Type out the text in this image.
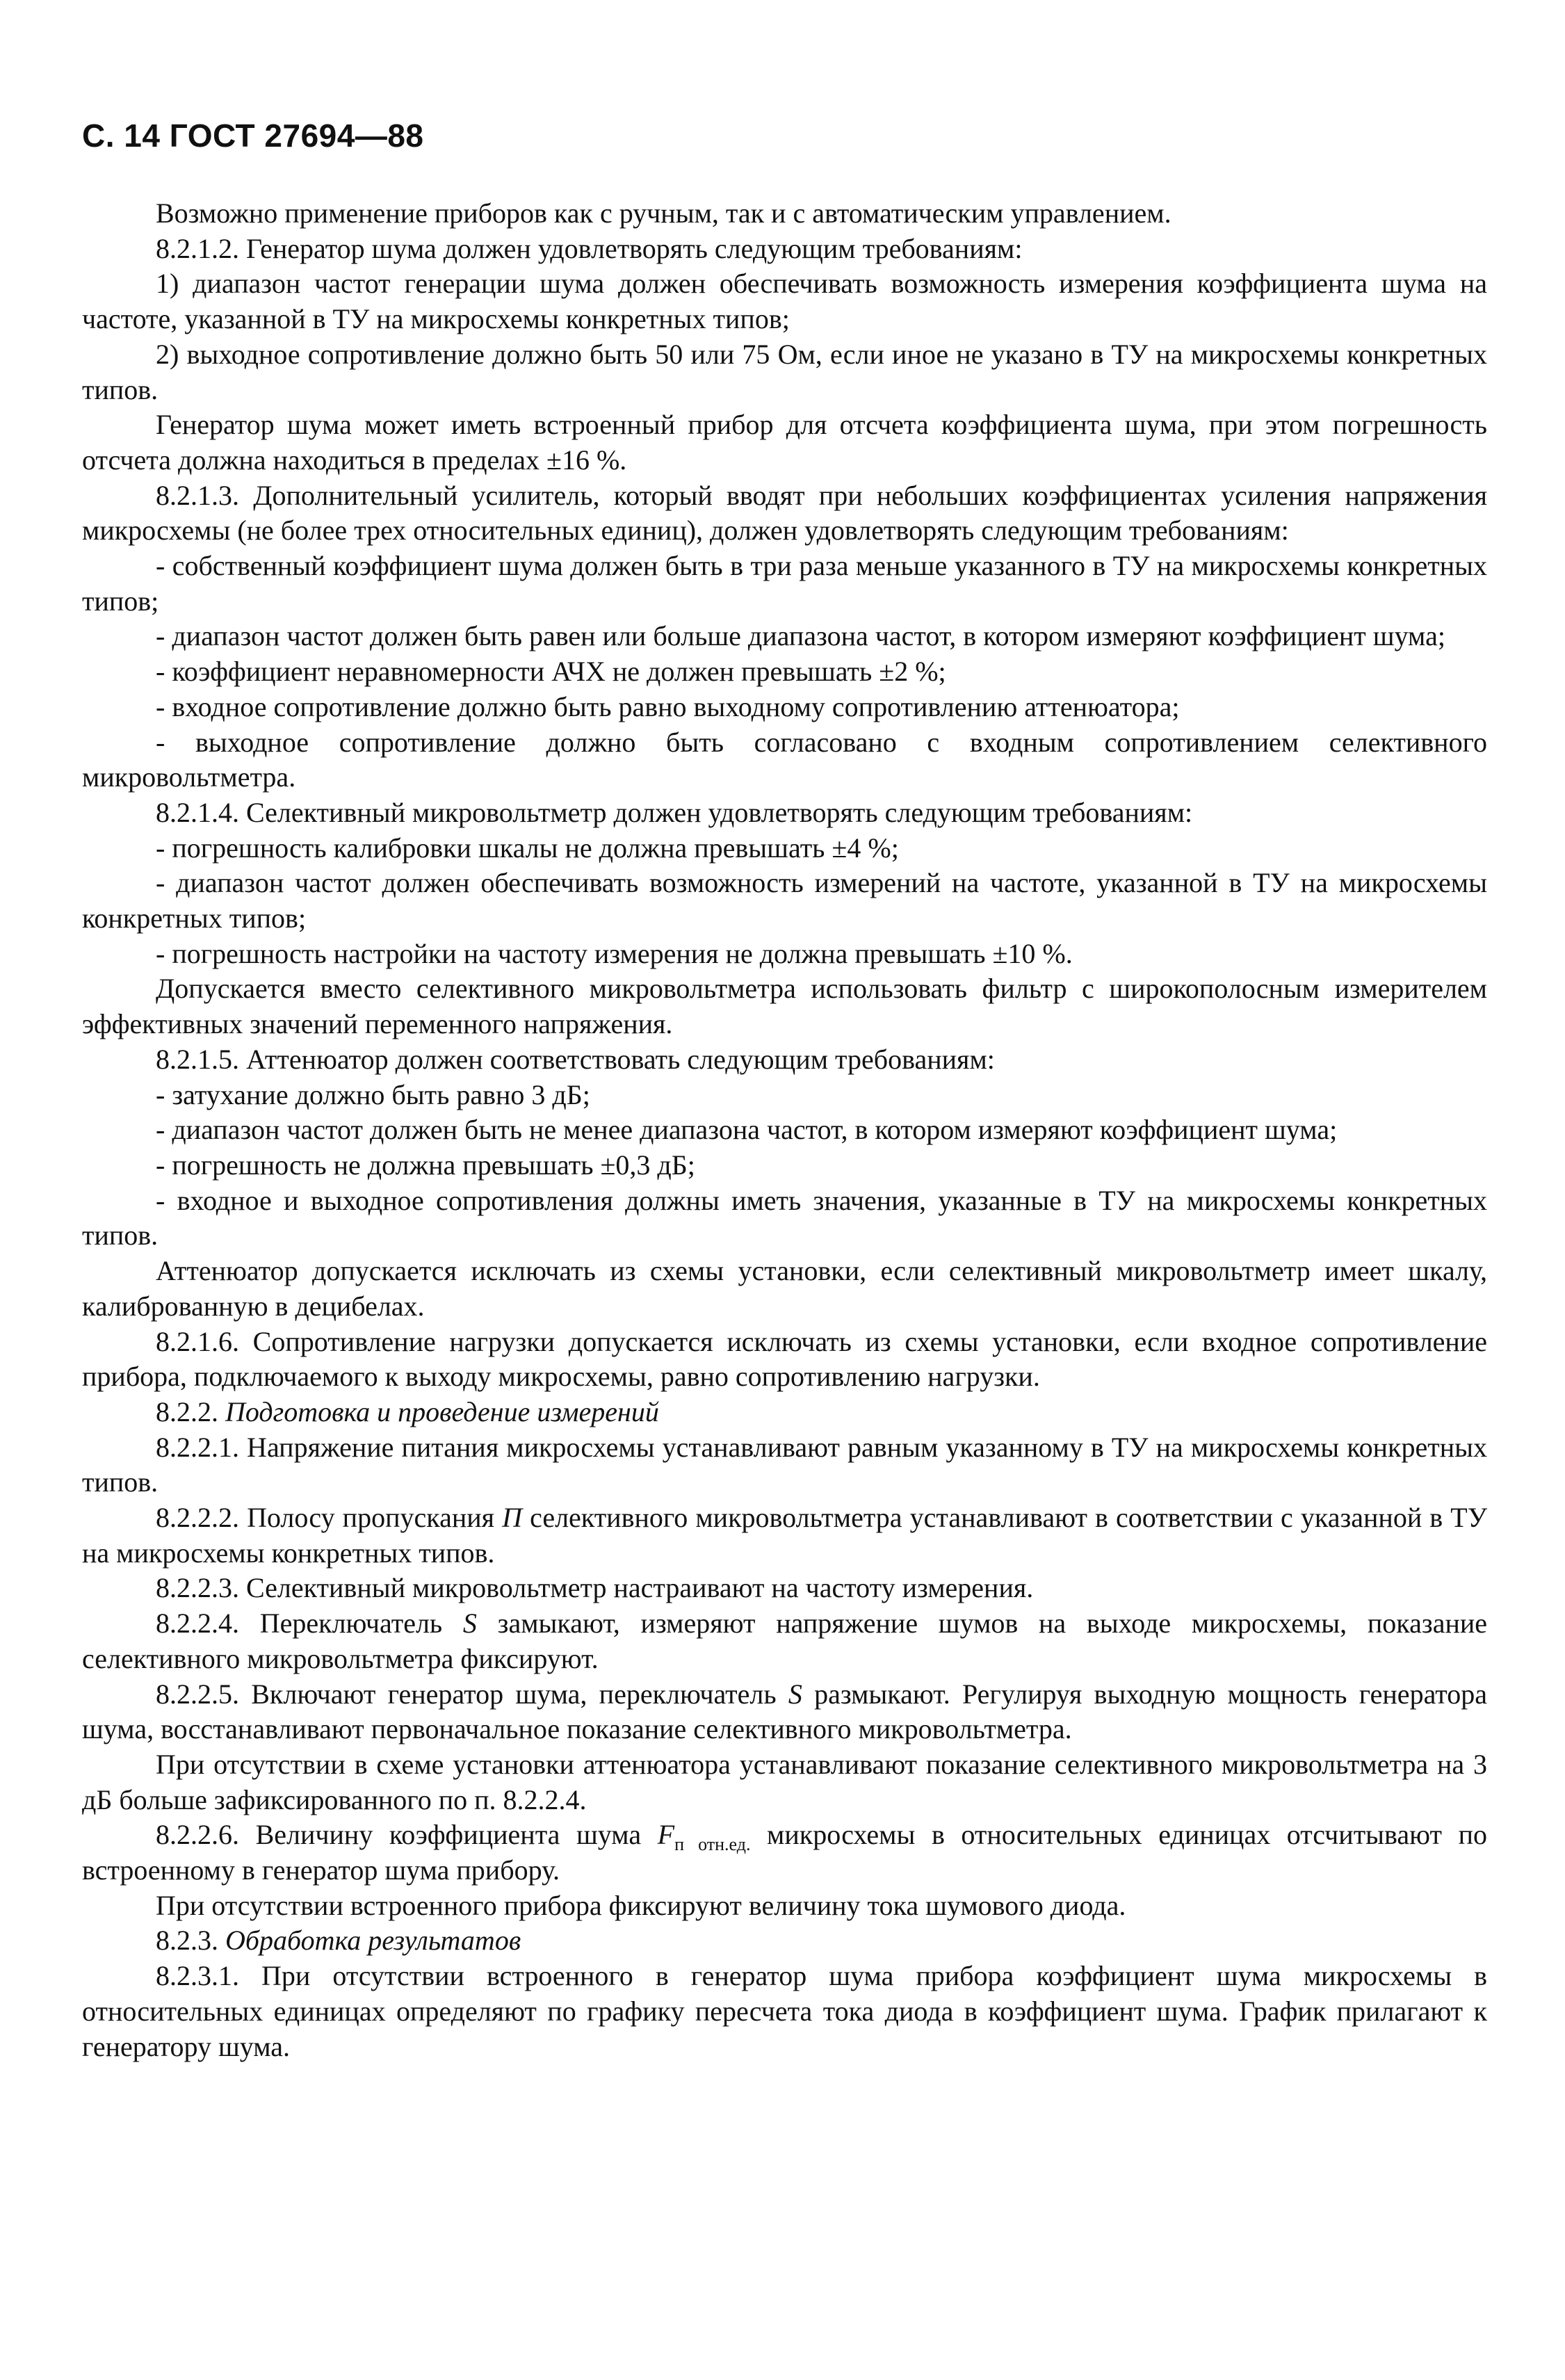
С. 14 ГОСТ 27694—88

Возможно применение приборов как с ручным, так и с автоматическим управлением.

8.2.1.2. Генератор шума должен удовлетворять следующим требованиям:

1) диапазон частот генерации шума должен обеспечивать возможность измерения коэффициента шума на частоте, указанной в ТУ на микросхемы конкретных типов;

2) выходное сопротивление должно быть 50 или 75 Ом, если иное не указано в ТУ на микросхемы конкретных типов.

Генератор шума может иметь встроенный прибор для отсчета коэффициента шума, при этом погрешность отсчета должна находиться в пределах ±16 %.

8.2.1.3. Дополнительный усилитель, который вводят при небольших коэффициентах усиления напряжения микросхемы (не более трех относительных единиц), должен удовлетворять следующим требованиям:

- собственный коэффициент шума должен быть в три раза меньше указанного в ТУ на микросхемы конкретных типов;

- диапазон частот должен быть равен или больше диапазона частот, в котором измеряют коэффициент шума;

- коэффициент неравномерности АЧХ не должен превышать ±2 %;

- входное сопротивление должно быть равно выходному сопротивлению аттенюатора;

- выходное сопротивление должно быть согласовано с входным сопротивлением селективного микровольтметра.

8.2.1.4. Селективный микровольтметр должен удовлетворять следующим требованиям:

- погрешность калибровки шкалы не должна превышать ±4 %;

- диапазон частот должен обеспечивать возможность измерений на частоте, указанной в ТУ на микросхемы конкретных типов;

- погрешность настройки на частоту измерения не должна превышать ±10 %.

Допускается вместо селективного микровольтметра использовать фильтр с широкополосным измерителем эффективных значений переменного напряжения.

8.2.1.5. Аттенюатор должен соответствовать следующим требованиям:

- затухание должно быть равно 3 дБ;

- диапазон частот должен быть не менее диапазона частот, в котором измеряют коэффициент шума;

- погрешность не должна превышать ±0,3 дБ;

- входное и выходное сопротивления должны иметь значения, указанные в ТУ на микросхемы конкретных типов.

Аттенюатор допускается исключать из схемы установки, если селективный микровольтметр имеет шкалу, калиброванную в децибелах.

8.2.1.6. Сопротивление нагрузки допускается исключать из схемы установки, если входное сопротивление прибора, подключаемого к выходу микросхемы, равно сопротивлению нагрузки.

8.2.2. Подготовка и проведение измерений

8.2.2.1. Напряжение питания микросхемы устанавливают равным указанному в ТУ на микросхемы конкретных типов.

8.2.2.2. Полосу пропускания П селективного микровольтметра устанавливают в соответствии с указанной в ТУ на микросхемы конкретных типов.

8.2.2.3. Селективный микровольтметр настраивают на частоту измерения.

8.2.2.4. Переключатель S замыкают, измеряют напряжение шумов на выходе микросхемы, показание селективного микровольтметра фиксируют.

8.2.2.5. Включают генератор шума, переключатель S размыкают. Регулируя выходную мощность генератора шума, восстанавливают первоначальное показание селективного микровольтметра.

При отсутствии в схеме установки аттенюатора устанавливают показание селективного микровольтметра на 3 дБ больше зафиксированного по п. 8.2.2.4.

8.2.2.6. Величину коэффициента шума $F_{п отн.ед.}$ микросхемы в относительных единицах отсчитывают по встроенному в генератор шума прибору.

При отсутствии встроенного прибора фиксируют величину тока шумового диода.

8.2.3. Обработка результатов

8.2.3.1. При отсутствии встроенного в генератор шума прибора коэффициент шума микросхемы в относительных единицах определяют по графику пересчета тока диода в коэффициент шума. График прилагают к генератору шума.
